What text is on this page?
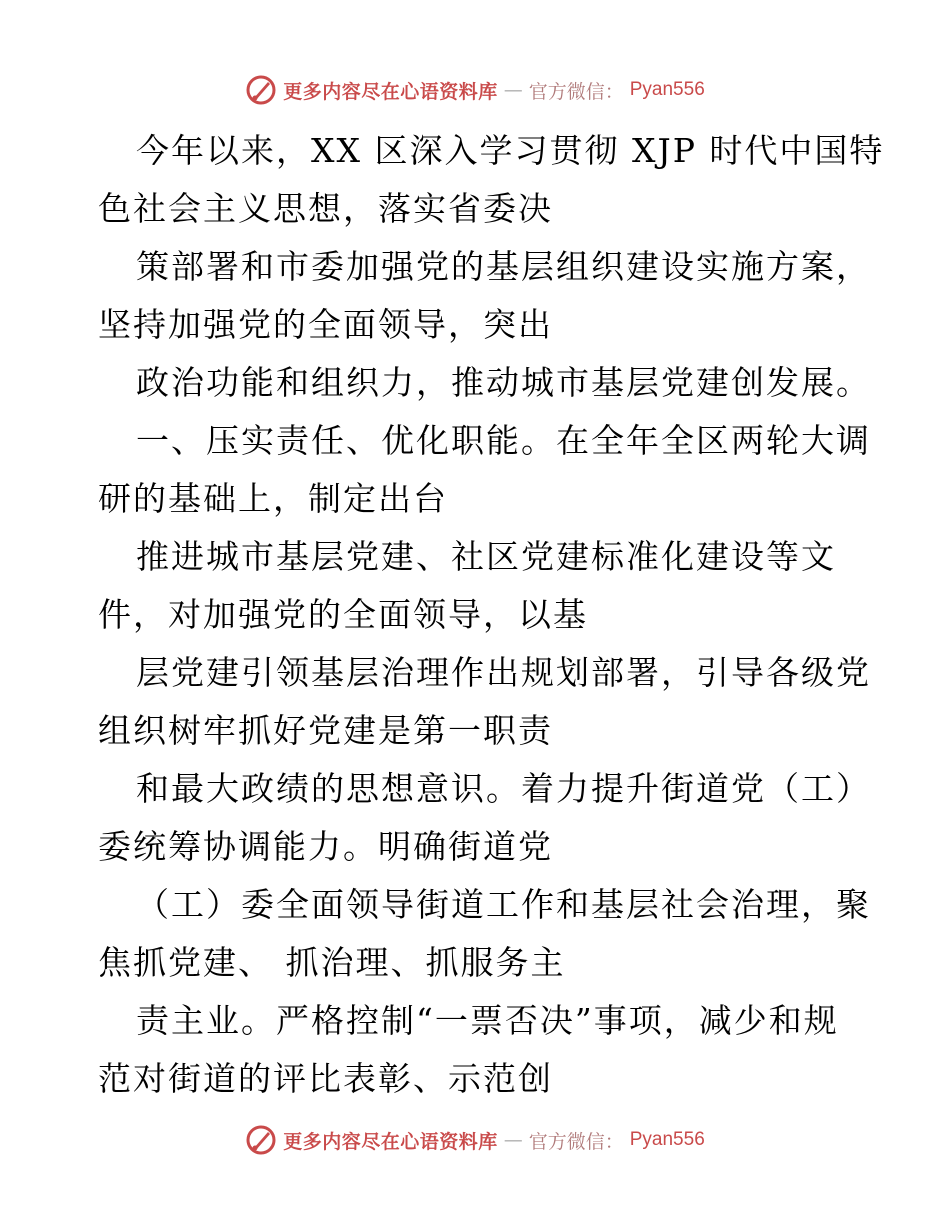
更多内容尽在心语资料库 — 官方微信： Pyan556
今年以来，XX 区深入学习贯彻 XJP 时代中国特
色社会主义思想，落实省委决
策部署和市委加强党的基层组织建设实施方案，
坚持加强党的全面领导，突出
政治功能和组织力，推动城市基层党建创发展。
一、压实责任、优化职能。在全年全区两轮大调
研的基础上，制定出台
推进城市基层党建、社区党建标准化建设等文
件，对加强党的全面领导，以基
层党建引领基层治理作出规划部署，引导各级党
组织树牢抓好党建是第一职责
和最大政绩的思想意识。着力提升街道党（工）
委统筹协调能力。明确街道党
（工）委全面领导街道工作和基层社会治理，聚
焦抓党建、 抓治理、抓服务主
责主业。严格控制“一票否决”事项，减少和规
范对街道的评比表彰、示范创
更多内容尽在心语资料库 — 官方微信： Pyan556
